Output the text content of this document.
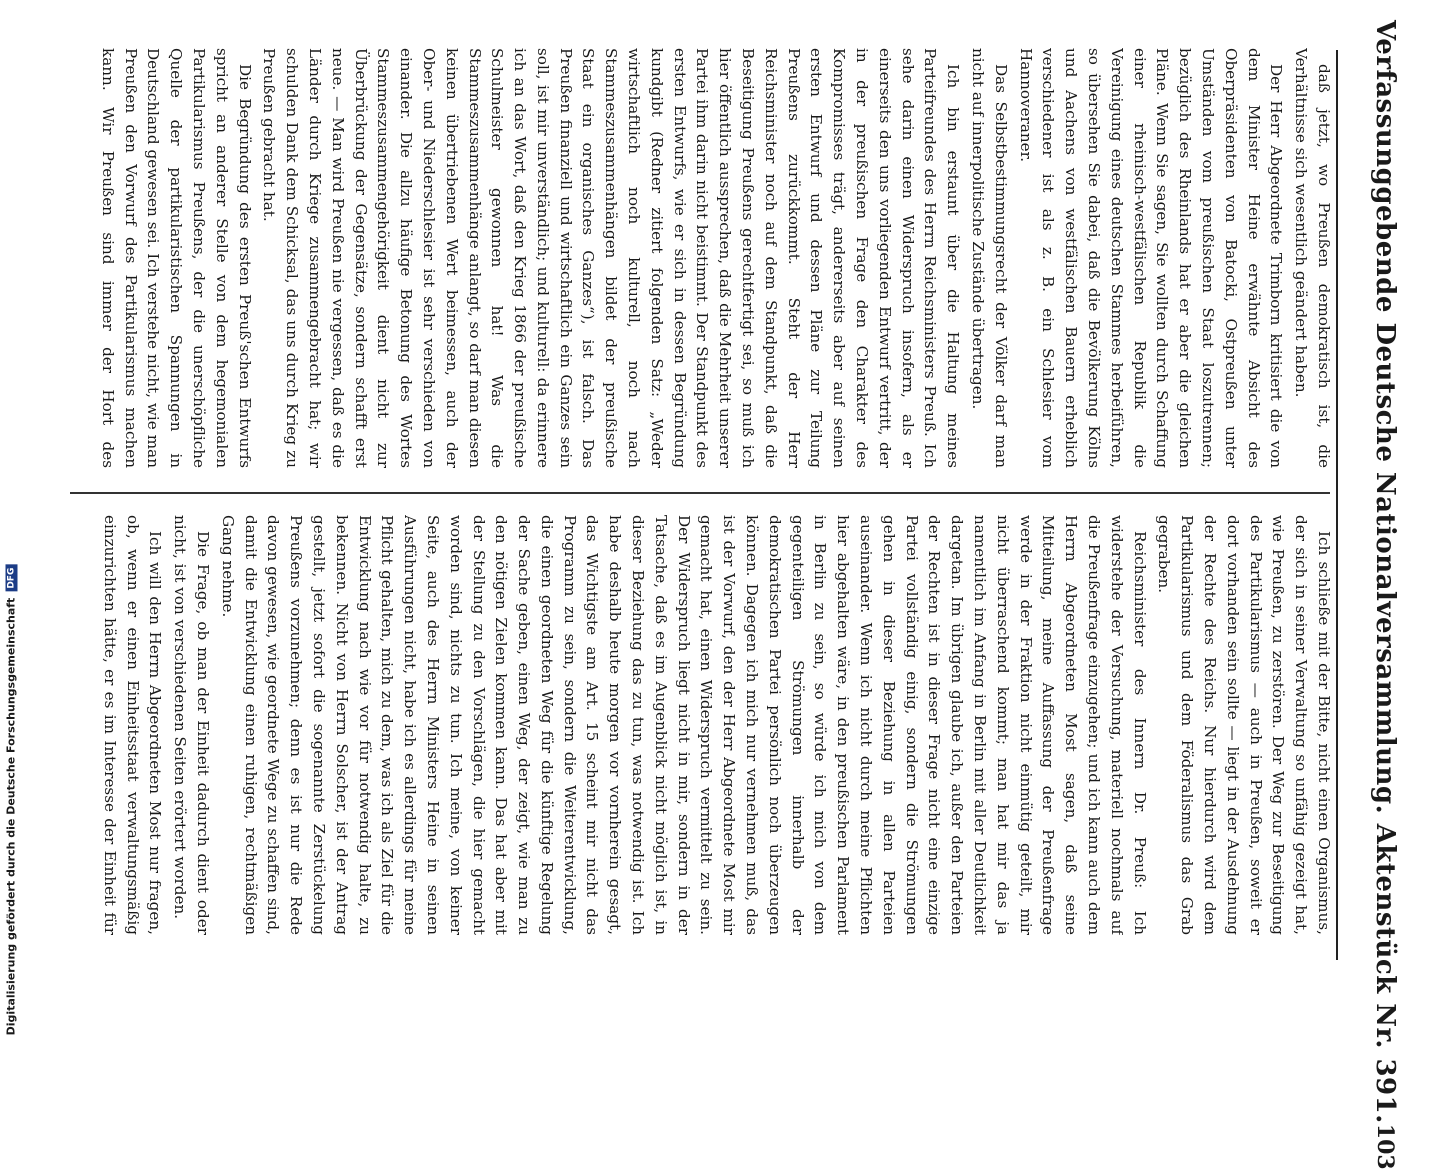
Verfassunggebende Deutsche Nationalversammlung. Aktenstück Nr. 391.
103

daß jetzt, wo Preußen demokratisch ist, die Verhältnisse sich wesentlich geändert haben.

Der Herr Abgeordnete Trimborn kritisiert die von dem Minister Heine erwähnte Absicht des Oberpräsidenten von Batocki, Ostpreußen unter Umständen vom preußischen Staat loszutrennen; bezüglich des Rheinlands hat er aber die gleichen Pläne. Wenn Sie sagen, Sie wollten durch Schaffung einer rheinisch-westfälischen Republik die Vereinigung eines deutschen Stammes herbeiführen, so übersehen Sie dabei, daß die Bevölkerung Kölns und Aachens von westfälischen Bauern erheblich verschiedener ist als z. B. ein Schlesier vom Hannoveraner.

Das Selbstbestimmungsrecht der Völker darf man nicht auf innerpolitische Zustände übertragen.

Ich bin erstaunt über die Haltung meines Parteifreundes des Herrn Reichsministers Preuß. Ich sehe darin einen Widerspruch insofern, als er einerseits den uns vorliegenden Entwurf vertritt, der in der preußischen Frage den Charakter des Kompromisses trägt, andererseits aber auf seinen ersten Entwurf und dessen Pläne zur Teilung Preußens zurückkommt. Steht der Herr Reichsminister noch auf dem Standpunkt, daß die Beseitigung Preußens gerechtfertigt sei, so muß ich hier öffentlich aussprechen, daß die Mehrheit unserer Partei ihm darin nicht beistimmt. Der Standpunkt des ersten Entwurfs, wie er sich in dessen Begründung kundgibt (Redner zitiert folgenden Satz: „Weder wirtschaftlich noch kulturell, noch nach Stammeszusammenhängen bildet der preußische Staat ein organisches Ganzes“), ist falsch. Das Preußen finanziell und wirtschaftlich ein Ganzes sein soll, ist mir unverständlich; und kulturell: da erinnere ich an das Wort, daß den Krieg 1866 der preußische Schulmeister gewonnen hat! Was die Stammeszusammenhänge anlangt, so darf man diesen keinen übertriebenen Wert beimessen, auch der Ober- und Niederschlesier ist sehr verschieden von einander. Die allzu häufige Betonung des Wortes Stammeszusammengehörigkeit dient nicht zur Überbrückung der Gegensätze, sondern schafft erst neue. — Man wird Preußen nie vergessen, daß es die Länder durch Kriege zusammengebracht hat; wir schulden Dank dem Schicksal, das uns durch Krieg zu Preußen gebracht hat.

Die Begründung des ersten Preuß'schen Entwurfs spricht an anderer Stelle von dem hegemonialen Partikularismus Preußens, der die unerschöpfliche Quelle der partikularistischen Spannungen in Deutschland gewesen sei. Ich verstehe nicht, wie man Preußen den Vorwurf des Partikularismus machen kann. Wir Preußen sind immer der Hort des

Ich schließe mit der Bitte, nicht einen Organismus, der sich in seiner Verwaltung so unfähig gezeigt hat, wie Preußen, zu zerstören. Der Weg zur Beseitigung des Partikularismus — auch in Preußen, soweit er dort vorhanden sein sollte — liegt in der Ausdehnung der Rechte des Reichs. Nur hierdurch wird dem Partikularismus und dem Föderalismus das Grab gegraben.

Reichsminister des Innern Dr. Preuß: Ich widerstehe der Versuchung, materiell nochmals auf die Preußenfrage einzugehen; und ich kann auch dem Herrn Abgeordneten Most sagen, daß seine Mitteilung, meine Auffassung der Preußenfrage werde in der Fraktion nicht einmütig geteilt, mir nicht überraschend kommt; man hat mir das ja namentlich im Anfang in Berlin mit aller Deutlichkeit dargetan. Im übrigen glaube ich, außer den Parteien der Rechten ist in dieser Frage nicht eine einzige Partei vollständig einig, sondern die Strömungen gehen in dieser Beziehung in allen Parteien auseinander. Wenn ich nicht durch meine Pflichten hier abgehalten wäre, in den preußischen Parlament in Berlin zu sein, so würde ich mich von dem gegenteiligen Strömungen innerhalb der demokratischen Partei persönlich noch überzeugen können. Dagegen ich mich nur vernehmen muß, das ist der Vorwurf, den der Herr Abgeordnete Most mir gemacht hat, einen Widerspruch vermittelt zu sein. Der Widerspruch liegt nicht in mir, sondern in der Tatsache, daß es im Augenblick nicht möglich ist, in dieser Beziehung das zu tun, was notwendig ist. Ich habe deshalb heute morgen vor vornherein gesagt, das Wichtigste am Art. 15 scheint mir nicht das Programm zu sein, sondern die Weiterentwicklung, die einen geordneten Weg für die künftige Regelung der Sache geben, einen Weg, der zeigt, wie man zu den nötigen Zielen kommen kann. Das hat aber mit der Stellung zu den Vorschlägen, die hier gemacht worden sind, nichts zu tun. Ich meine, von keiner Seite, auch des Herrn Ministers Heine in seinen Ausführungen nicht, habe ich es allerdings für meine Pflicht gehalten, mich zu dem, was ich als Ziel für die Entwicklung nach wie vor für notwendig halte, zu bekennen. Nicht von Herrn Solscher, ist der Antrag gestellt, jetzt sofort die sogenannte Zerstückelung Preußens vorzunehmen; denn es ist nur die Rede davon gewesen, wie geordnete Wege zu schaffen sind, damit die Entwicklung einen ruhigen, rechtmäßigen Gang nehme.

Die Frage, ob man der Einheit dadurch dient oder nicht, ist von verschiedenen Seiten erörtert worden.

Ich will den Herrn Abgeordneten Most nur fragen, ob, wenn er einen Einheitsstaat verwaltungsmäßig einzurichten hätte, er es im Interesse der Einheit für

Digitalisierung gefördert durch die Deutsche Forschungsgemeinschaft
DFG
